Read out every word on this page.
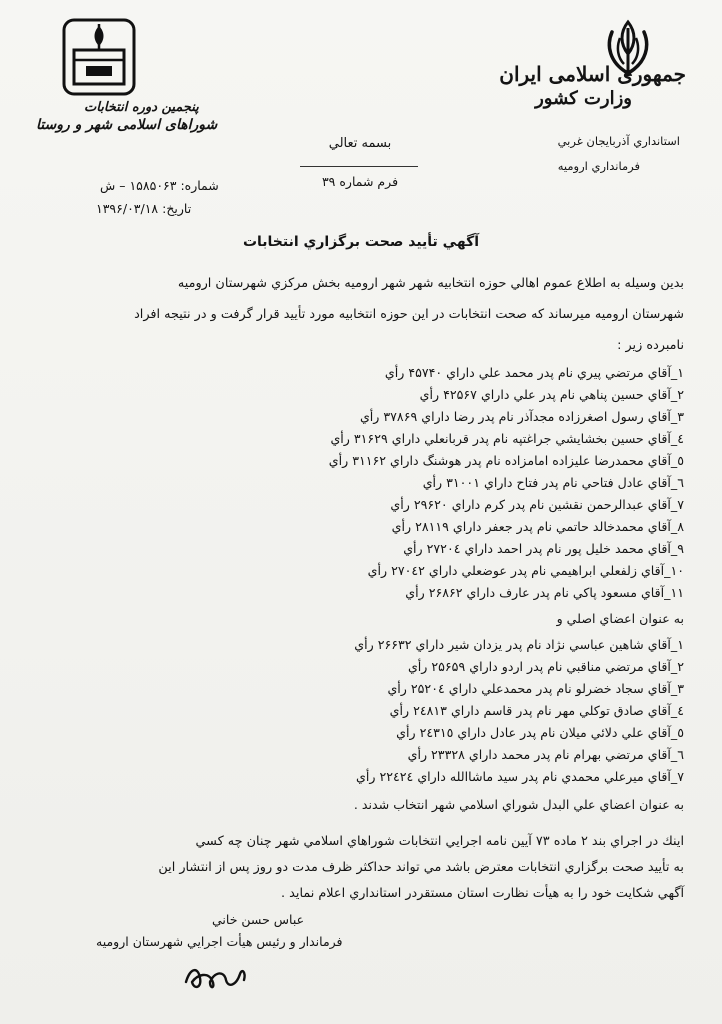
جمهوری اسلامی ایران
وزارت کشور
استانداري آذربايجان غربي
فرمانداري اروميه
پنجمین دوره انتخابات
شوراهای اسلامی شهر و روستا
بسمه تعالي
فرم شماره ۳۹
شماره: ۱۵۸۵۰۶۳ – ش
تاريخ: ۱۳۹۶/۰۳/۱۸
آگهي تأييد صحت برگزاري انتخابات
بدين وسيله به اطلاع عموم اهالي حوزه انتخابيه شهر شهر اروميه بخش مركزي شهرستان اروميه
شهرستان اروميه ميرساند كه صحت انتخابات در اين حوزه انتخابيه مورد تأييد قرار گرفت و در نتيجه افراد
نامبرده زير :
۱_آقاي مرتضي پيري نام پدر محمد علي داراي ۴۵۷۴۰ رأي
۲_آقاي حسين پناهي نام پدر علي داراي ۴۲۵۶۷ رأي
۳_آقاي رسول اصغرزاده مجدآذر نام پدر رضا داراي ۳۷۸۶۹ رأي
٤_آقاي حسين بخشايشي جراغتپه نام پدر قربانعلي داراي ۳۱۶۲۹ رأي
٥_آقاي محمدرضا عليزاده امامزاده نام پدر هوشنگ داراي ۳۱۱۶۲ رأي
٦_آقاي عادل فتاحي نام پدر فتاح داراي ۳۱۰۰۱ رأي
۷_آقاي عبدالرحمن نقشين نام پدر كرم داراي ۲۹۶۲۰ رأي
۸_آقاي محمدخالد حاتمي نام پدر جعفر داراي ۲۸۱۱۹ رأي
۹_آقاي محمد خليل پور نام پدر احمد داراي ۲۷۲۰٤ رأي
۱۰_آقاي زلفعلي ابراهيمي نام پدر عوضعلي داراي ۲۷۰٤۲ رأي
۱۱_آقاي مسعود پاكي نام پدر عارف داراي ۲۶۸۶۲ رأي
به عنوان اعضاي اصلي و
۱_آقاي شاهين عباسي نژاد نام پدر يزدان شير داراي ۲۶۶۳۲ رأي
۲_آقاي مرتضي مناقبي نام پدر اردو داراي ۲۵۶۵۹ رأي
۳_آقاي سجاد خضرلو نام پدر محمدعلي داراي ۲۵۲۰٤ رأي
٤_آقاي صادق توكلي مهر نام پدر قاسم داراي ۲٤۸۱۳ رأي
٥_آقاي علي دلائي ميلان نام پدر عادل داراي ۲٤۳۱٥ رأي
٦_آقاي مرتضي بهرام نام پدر محمد داراي ۲۳۳۲۸ رأي
۷_آقاي ميرعلي محمدي نام پدر سيد ماشاالله داراي ۲۲٤۲٤ رأي
به عنوان اعضاي علي البدل شوراي اسلامي شهر انتخاب شدند .
اينك در اجراي بند ۲ ماده ۷۳ آيين نامه اجرايي انتخابات شوراهاي اسلامي شهر چنان چه كسي
به تأييد صحت برگزاري انتخابات معترض باشد مي تواند حداكثر ظرف مدت دو روز پس از انتشار اين
آگهي شكايت خود را به هيأت نظارت استان مستقردر استانداري اعلام نمايد .
عباس حسن خاني
فرماندار و رئيس هيأت اجرايي شهرستان اروميه
